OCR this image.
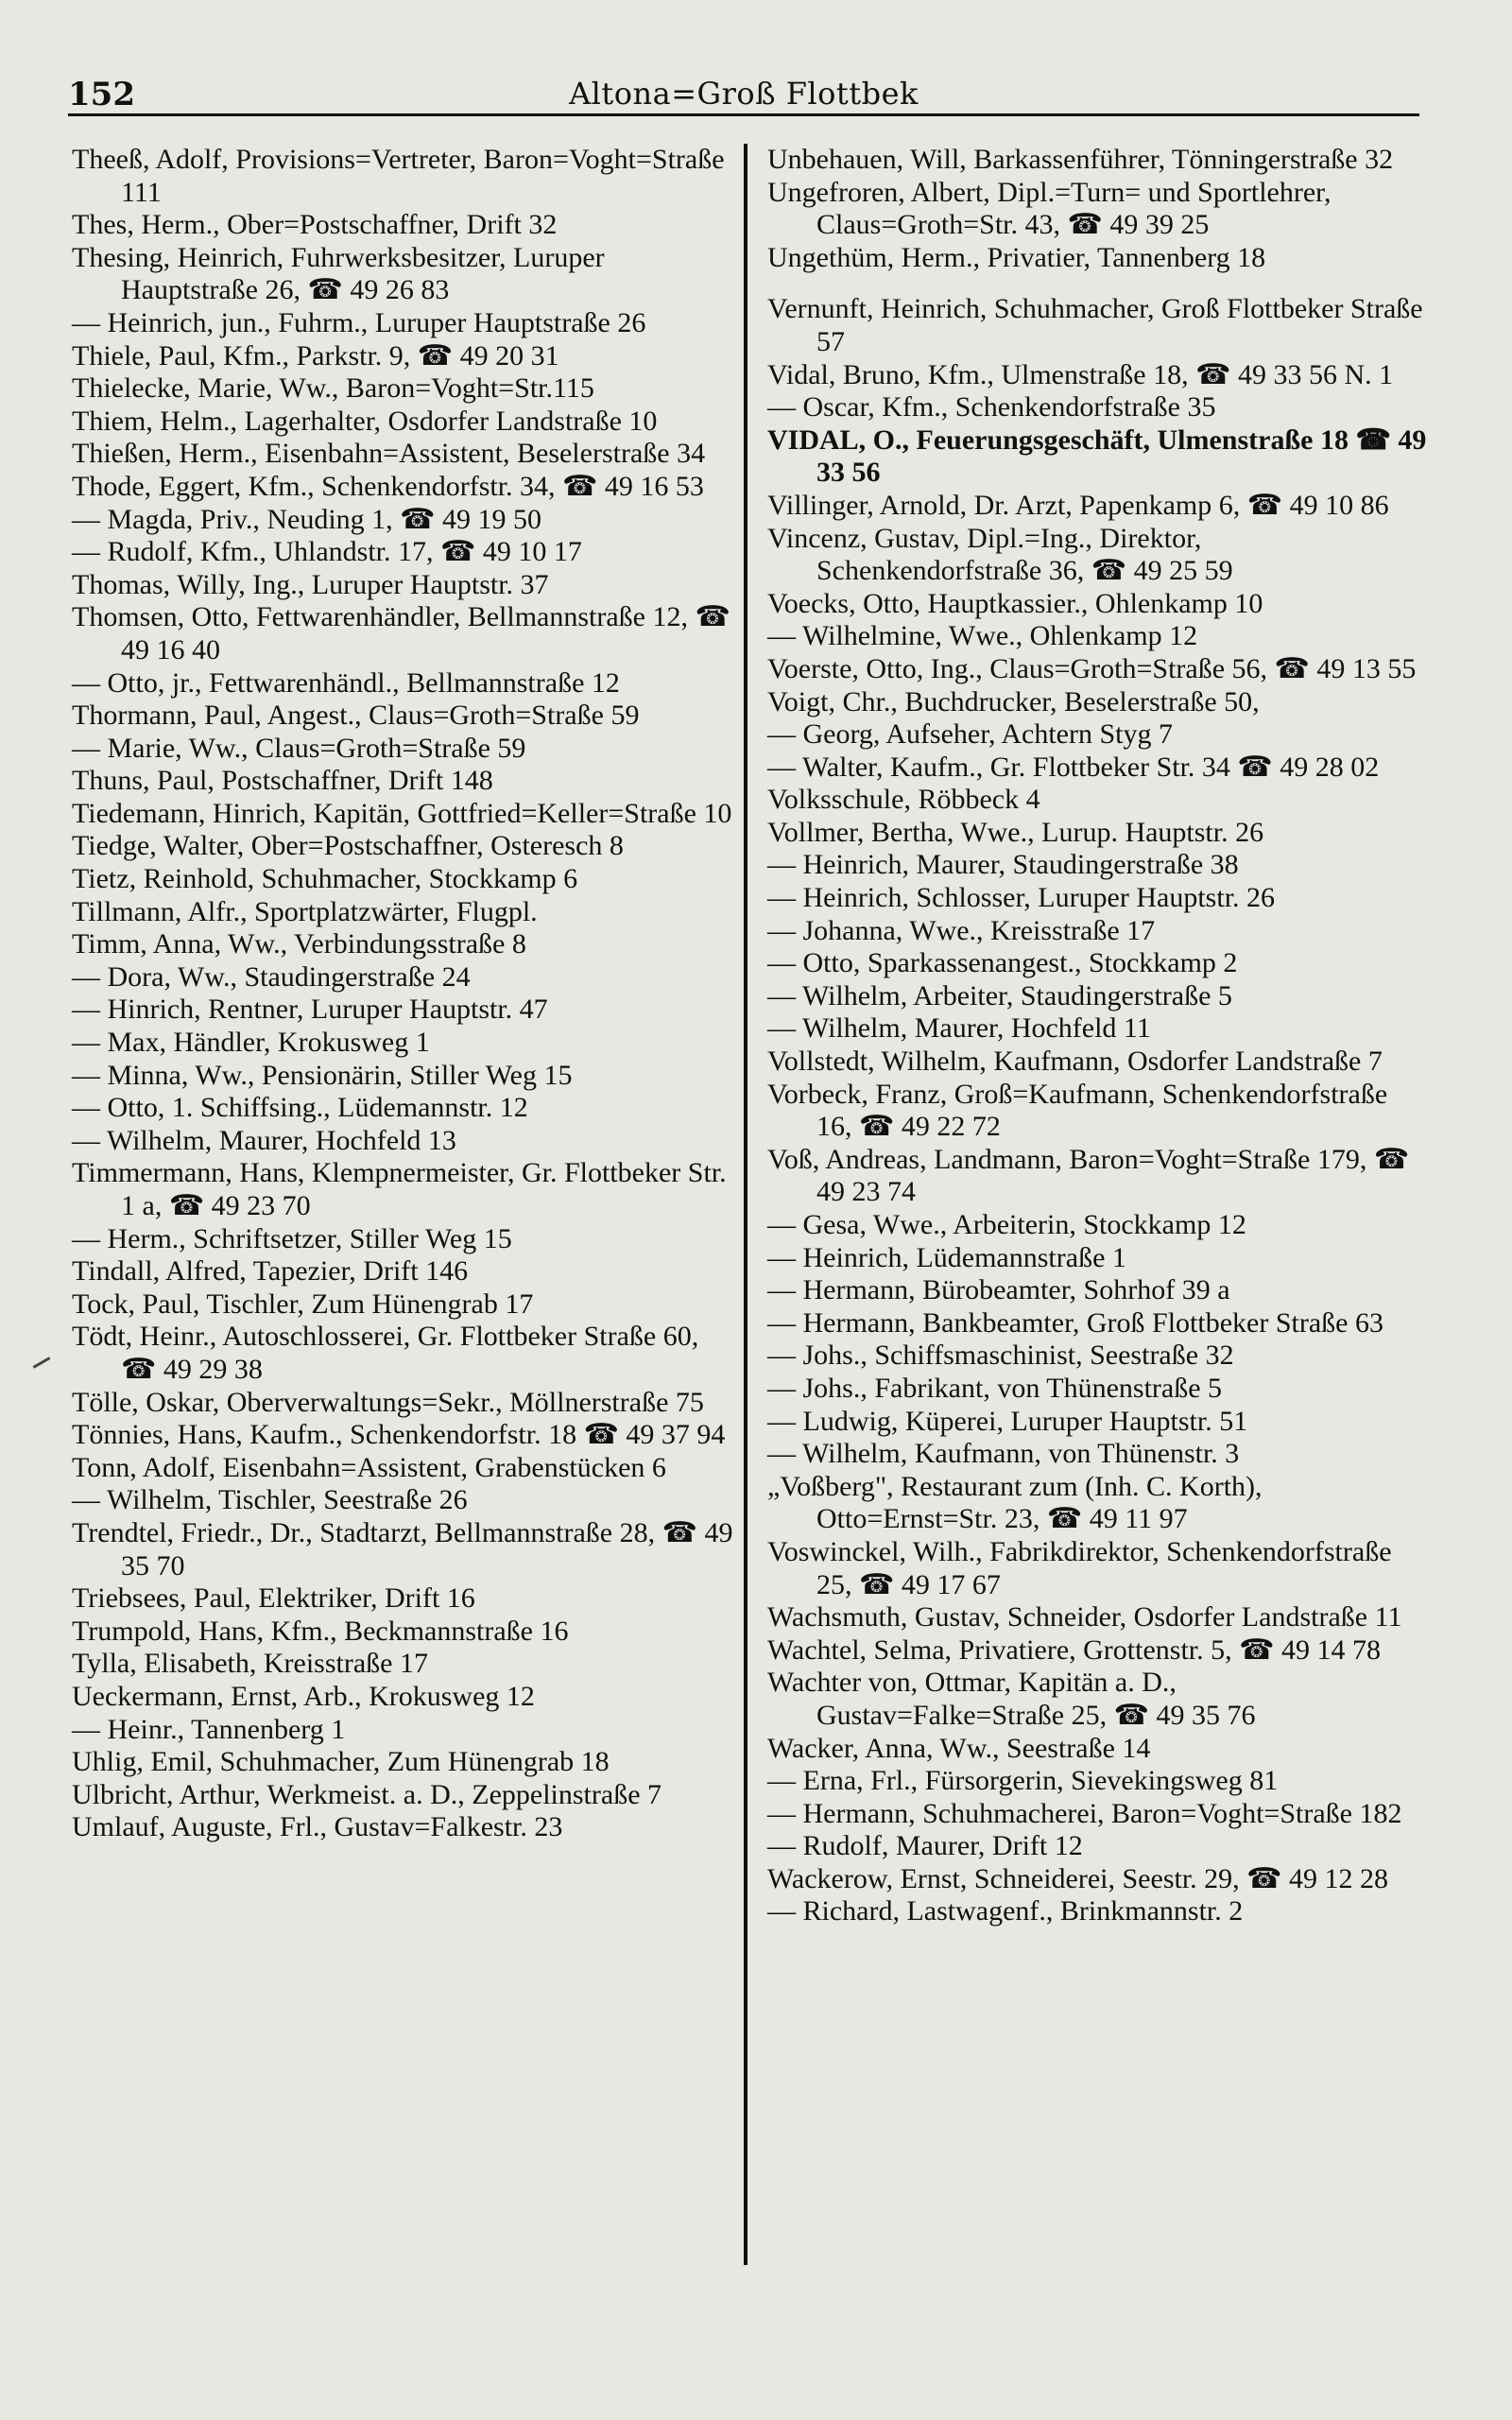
152	Altona=Groß Flottbek

Theeß, Adolf, Provisions=Vertreter, Baron=Voght=Straße 111

Thes, Herm., Ober=Postschaffner, Drift 32

Thesing, Heinrich, Fuhrwerksbesitzer, Luruper Hauptstraße 26, ☎ 49 26 83

— Heinrich, jun., Fuhrm., Luruper Hauptstraße 26

Thiele, Paul, Kfm., Parkstr. 9, ☎ 49 20 31

Thielecke, Marie, Ww., Baron=Voght=Str.115

Thiem, Helm., Lagerhalter, Osdorfer Landstraße 10

Thießen, Herm., Eisenbahn=Assistent, Beselerstraße 34

Thode, Eggert, Kfm., Schenkendorfstr. 34, ☎ 49 16 53

— Magda, Priv., Neuding 1, ☎ 49 19 50

— Rudolf, Kfm., Uhlandstr. 17, ☎ 49 10 17

Thomas, Willy, Ing., Luruper Hauptstr. 37

Thomsen, Otto, Fettwarenhändler, Bellmannstraße 12, ☎ 49 16 40

— Otto, jr., Fettwarenhändl., Bellmannstraße 12

Thormann, Paul, Angest., Claus=Groth=Straße 59

— Marie, Ww., Claus=Groth=Straße 59

Thuns, Paul, Postschaffner, Drift 148

Tiedemann, Hinrich, Kapitän, Gottfried=Keller=Straße 10

Tiedge, Walter, Ober=Postschaffner, Osteresch 8

Tietz, Reinhold, Schuhmacher, Stockkamp 6

Tillmann, Alfr., Sportplatzwärter, Flugpl.

Timm, Anna, Ww., Verbindungsstraße 8

— Dora, Ww., Staudingerstraße 24

— Hinrich, Rentner, Luruper Hauptstr. 47

— Max, Händler, Krokusweg 1

— Minna, Ww., Pensionärin, Stiller Weg 15

— Otto, 1. Schiffsing., Lüdemannstr. 12

— Wilhelm, Maurer, Hochfeld 13

Timmermann, Hans, Klempnermeister, Gr. Flottbeker Str. 1 a, ☎ 49 23 70

— Herm., Schriftsetzer, Stiller Weg 15

Tindall, Alfred, Tapezier, Drift 146

Tock, Paul, Tischler, Zum Hünengrab 17

Tödt, Heinr., Autoschlosserei, Gr. Flottbeker Straße 60, ☎ 49 29 38

Tölle, Oskar, Oberverwaltungs=Sekr., Möllnerstraße 75

Tönnies, Hans, Kaufm., Schenkendorfstr. 18 ☎ 49 37 94

Tonn, Adolf, Eisenbahn=Assistent, Grabenstücken 6

— Wilhelm, Tischler, Seestraße 26

Trendtel, Friedr., Dr., Stadtarzt, Bellmannstraße 28, ☎ 49 35 70

Triebsees, Paul, Elektriker, Drift 16

Trumpold, Hans, Kfm., Beckmannstraße 16

Tylla, Elisabeth, Kreisstraße 17

Ueckermann, Ernst, Arb., Krokusweg 12

— Heinr., Tannenberg 1

Uhlig, Emil, Schuhmacher, Zum Hünengrab 18

Ulbricht, Arthur, Werkmeist. a. D., Zeppelinstraße 7

Umlauf, Auguste, Frl., Gustav=Falkestr. 23

Unbehauen, Will, Barkassenführer, Tönningerstraße 32

Ungefroren, Albert, Dipl.=Turn= und Sportlehrer, Claus=Groth=Str. 43, ☎ 49 39 25

Ungethüm, Herm., Privatier, Tannenberg 18

Vernunft, Heinrich, Schuhmacher, Groß Flottbeker Straße 57

Vidal, Bruno, Kfm., Ulmenstraße 18, ☎ 49 33 56 N. 1

— Oscar, Kfm., Schenkendorfstraße 35

VIDAL, O., Feuerungsgeschäft, Ulmenstraße 18 ☎ 49 33 56

Villinger, Arnold, Dr. Arzt, Papenkamp 6, ☎ 49 10 86

Vincenz, Gustav, Dipl.=Ing., Direktor, Schenkendorfstraße 36, ☎ 49 25 59

Voecks, Otto, Hauptkassier., Ohlenkamp 10

— Wilhelmine, Wwe., Ohlenkamp 12

Voerste, Otto, Ing., Claus=Groth=Straße 56, ☎ 49 13 55

Voigt, Chr., Buchdrucker, Beselerstraße 50,

— Georg, Aufseher, Achtern Styg 7

— Walter, Kaufm., Gr. Flottbeker Str. 34 ☎ 49 28 02

Volksschule, Röbbeck 4

Vollmer, Bertha, Wwe., Lurup. Hauptstr. 26

— Heinrich, Maurer, Staudingerstraße 38

— Heinrich, Schlosser, Luruper Hauptstr. 26

— Johanna, Wwe., Kreisstraße 17

— Otto, Sparkassenangest., Stockkamp 2

— Wilhelm, Arbeiter, Staudingerstraße 5

— Wilhelm, Maurer, Hochfeld 11

Vollstedt, Wilhelm, Kaufmann, Osdorfer Landstraße 7

Vorbeck, Franz, Groß=Kaufmann, Schenkendorfstraße 16, ☎ 49 22 72

Voß, Andreas, Landmann, Baron=Voght=Straße 179, ☎ 49 23 74

— Gesa, Wwe., Arbeiterin, Stockkamp 12

— Heinrich, Lüdemannstraße 1

— Hermann, Bürobeamter, Sohrhof 39 a

— Hermann, Bankbeamter, Groß Flottbeker Straße 63

— Johs., Schiffsmaschinist, Seestraße 32

— Johs., Fabrikant, von Thünenstraße 5

— Ludwig, Küperei, Luruper Hauptstr. 51

— Wilhelm, Kaufmann, von Thünenstr. 3

„Voßberg", Restaurant zum (Inh. C. Korth), Otto=Ernst=Str. 23, ☎ 49 11 97

Voswinckel, Wilh., Fabrikdirektor, Schenkendorfstraße 25, ☎ 49 17 67

Wachsmuth, Gustav, Schneider, Osdorfer Landstraße 11

Wachtel, Selma, Privatiere, Grottenstr. 5, ☎ 49 14 78

Wachter von, Ottmar, Kapitän a. D., Gustav=Falke=Straße 25, ☎ 49 35 76

Wacker, Anna, Ww., Seestraße 14

— Erna, Frl., Fürsorgerin, Sievekingsweg 81

— Hermann, Schuhmacherei, Baron=Voght=Straße 182

— Rudolf, Maurer, Drift 12

Wackerow, Ernst, Schneiderei, Seestr. 29, ☎ 49 12 28

— Richard, Lastwagenf., Brinkmannstr. 2
